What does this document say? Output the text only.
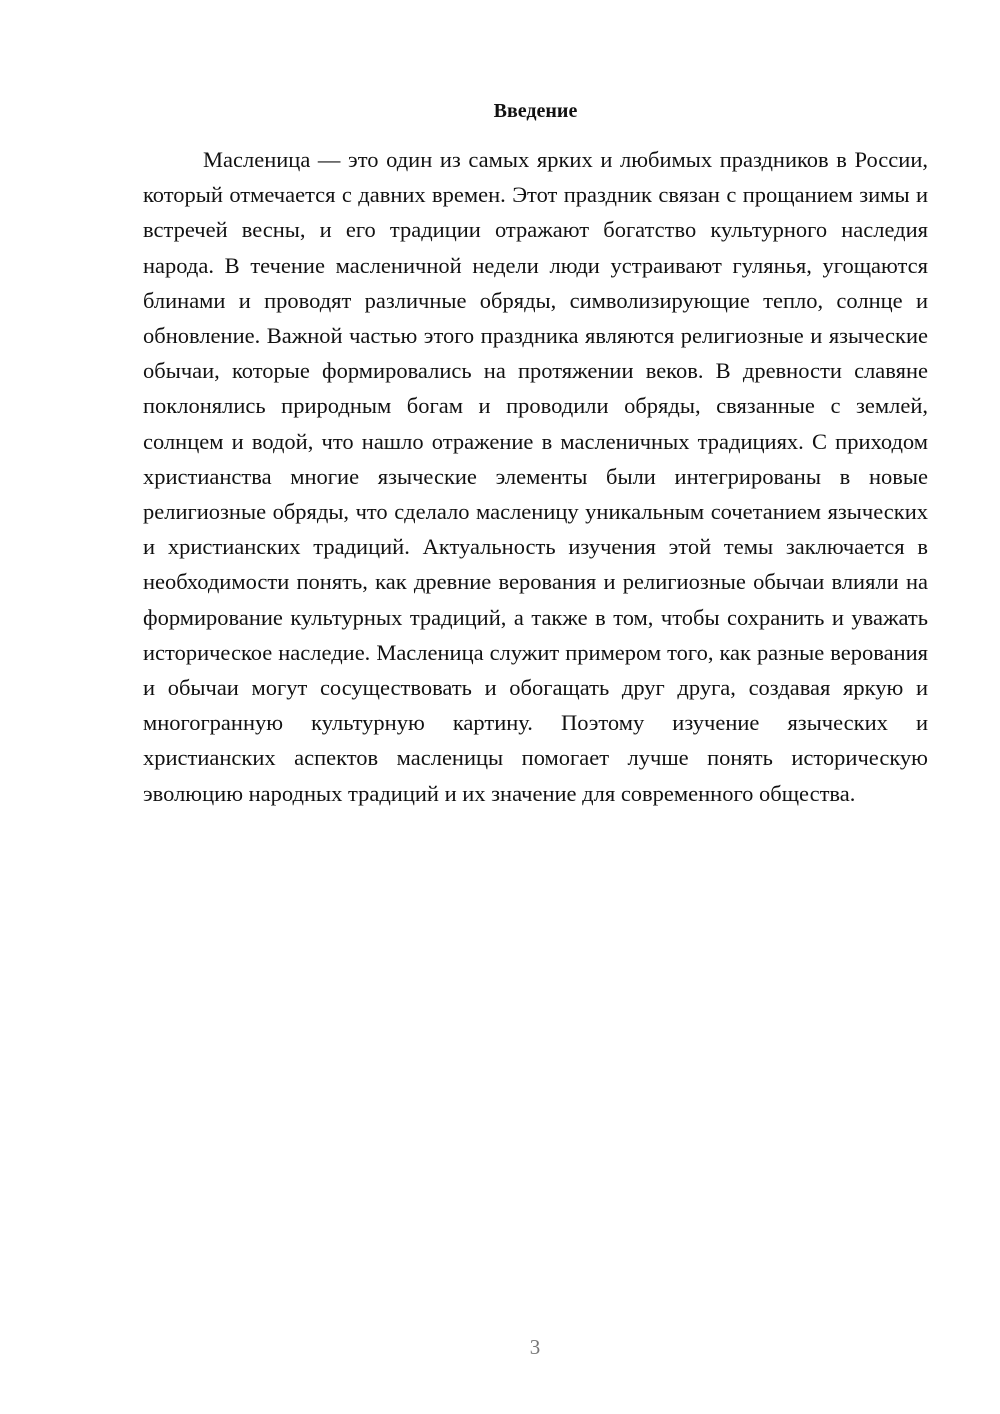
Введение

Масленица — это один из самых ярких и любимых праздников в России, который отмечается с давних времен. Этот праздник связан с прощанием зимы и встречей весны, и его традиции отражают богатство культурного наследия народа. В течение масленичной недели люди устраивают гулянья, угощаются блинами и проводят различные обряды, символизирующие тепло, солнце и обновление. Важной частью этого праздника являются религиозные и языческие обычаи, которые формировались на протяжении веков. В древности славяне поклонялись природным богам и проводили обряды, связанные с землей, солнцем и водой, что нашло отражение в масленичных традициях. С приходом христианства многие языческие элементы были интегрированы в новые религиозные обряды, что сделало масленицу уникальным сочетанием языческих и христианских традиций. Актуальность изучения этой темы заключается в необходимости понять, как древние верования и религиозные обычаи влияли на формирование культурных традиций, а также в том, чтобы сохранить и уважать историческое наследие. Масленица служит примером того, как разные верования и обычаи могут сосуществовать и обогащать друг друга, создавая яркую и многогранную культурную картину. Поэтому изучение языческих и христианских аспектов масленицы помогает лучше понять историческую эволюцию народных традиций и их значение для современного общества.

3
